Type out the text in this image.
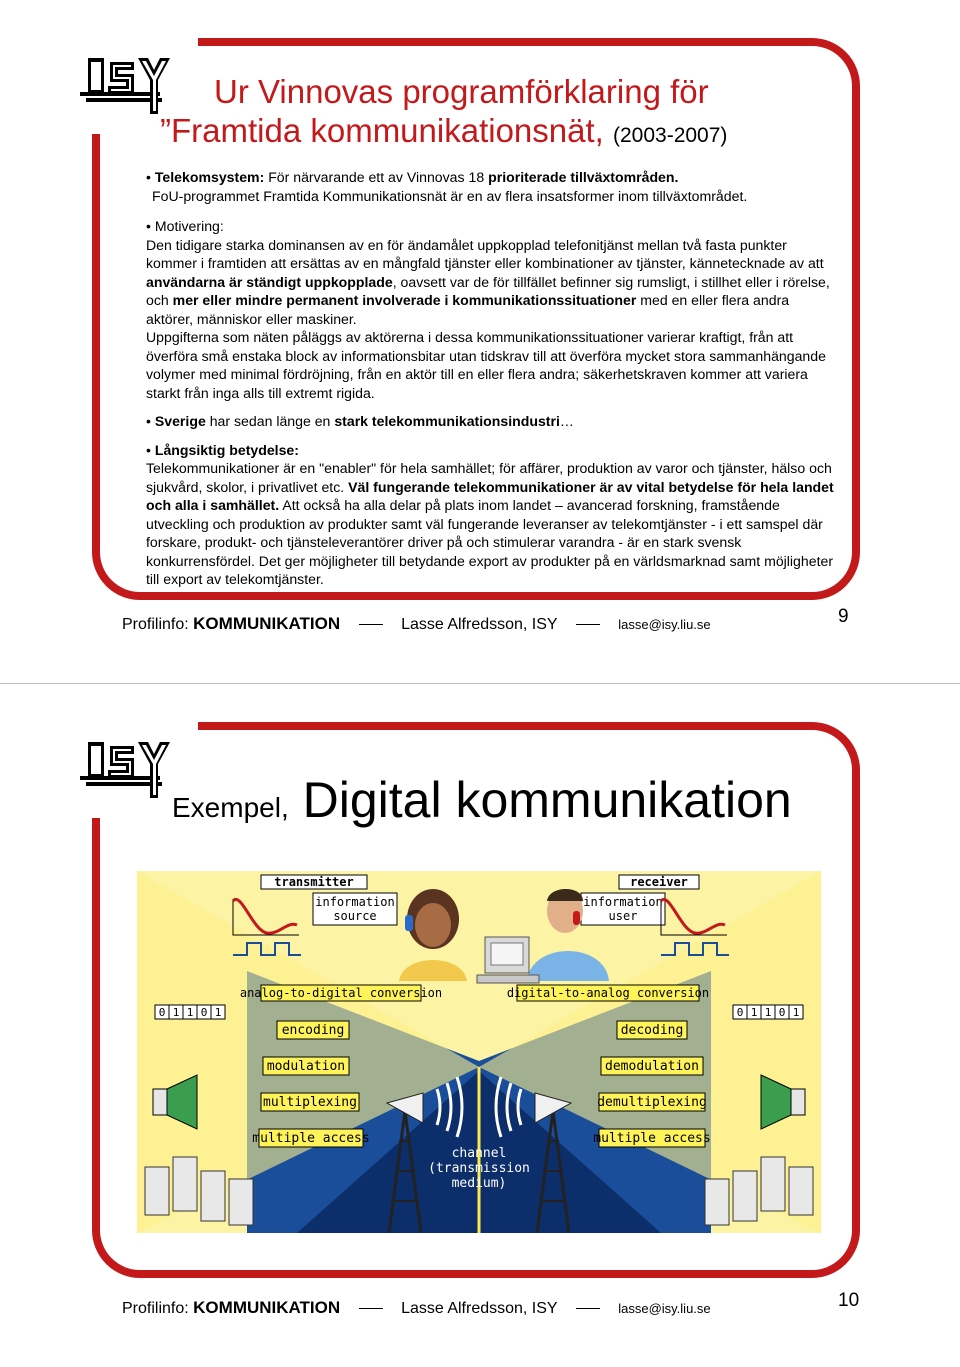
Ur Vinnovas programförklaring för
”Framtida kommunikationsnät, (2003-2007)

• Telekomsystem: För närvarande ett av Vinnovas 18 prioriterade tillväxtområden.

FoU-programmet Framtida Kommunikationsnät är en av flera insatsformer inom tillväxtområdet.

• Motivering:

Den tidigare starka dominansen av en för ändamålet uppkopplad telefonitjänst mellan två fasta punkter kommer i framtiden att ersättas av en mångfald tjänster eller kombinationer av tjänster, kännetecknade av att användarna är ständigt uppkopplade, oavsett var de för tillfället befinner sig rumsligt, i stillhet eller i rörelse, och mer eller mindre permanent involverade i kommunikationssituationer med en eller flera andra aktörer, människor eller maskiner.

Uppgifterna som näten påläggs av aktörerna i dessa kommunikationssituationer varierar kraftigt, från att överföra små enstaka block av informationsbitar utan tidskrav till att överföra mycket stora sammanhängande volymer med minimal fördröjning, från en aktör till en eller flera andra; säkerhetskraven kommer att variera starkt från inga alls till extremt rigida.

• Sverige har sedan länge en stark telekommunikationsindustri…

• Långsiktig betydelse:

Telekommunikationer är en "enabler" för hela samhället; för affärer, produktion av varor och tjänster, hälso och sjukvård, skolor, i privatlivet etc. Väl fungerande telekommunikationer är av vital betydelse för hela landet och alla i samhället. Att också ha alla delar på plats inom landet – avancerad forskning, framstående utveckling och produktion av produkter samt väl fungerande leveranser av telekomtjänster - i ett samspel där forskare, produkt- och tjänsteleverantörer driver på och stimulerar varandra - är en stark svensk konkurrensfördel. Det ger möjligheter till betydande export av produkter på en världsmarknad samt möjligheter till export av telekomtjänster.

Profilinfo: KOMMUNIKATION	Lasse Alfredsson, ISY	lasse@isy.liu.se	9
Exempel, Digital kommunikation
transmitter	receiver
information
source
information
user
analog-to-digital conversion
encoding
modulation
multiplexing
multiple access
digital-to-analog conversion
decoding
demodulation
demultiplexing
multiple access
0 1 1 0 1	0 1 1 0 1
channel
(transmission
medium)
Profilinfo: KOMMUNIKATION	Lasse Alfredsson, ISY	lasse@isy.liu.se	10
